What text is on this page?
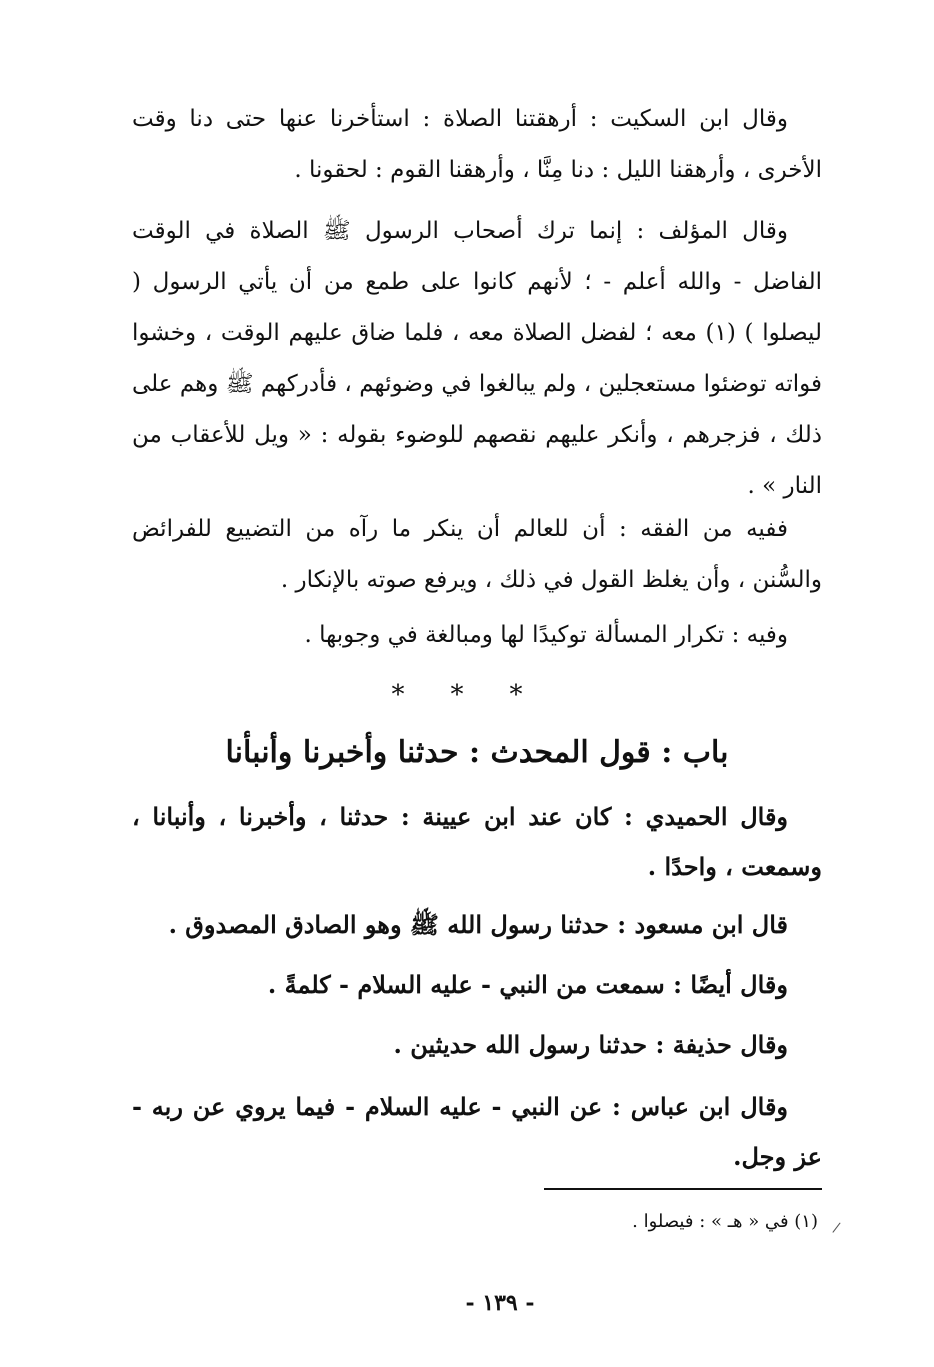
وقال ابن السكيت : أرهقتنا الصلاة : استأخرنا عنها حتى دنا وقت الأخرى ، وأرهقنا الليل : دنا مِنَّا ، وأرهقنا القوم : لحقونا .

وقال المؤلف : إنما ترك أصحاب الرسول ﷺ الصلاة في الوقت الفاضل - والله أعلم - ؛ لأنهم كانوا على طمع من أن يأتي الرسول ( ليصلوا ) (١) معه ؛ لفضل الصلاة معه ، فلما ضاق عليهم الوقت ، وخشوا فواته توضئوا مستعجلين ، ولم يبالغوا في وضوئهم ، فأدركهم ﷺ وهم على ذلك ، فزجرهم ، وأنكر عليهم نقصهم للوضوء بقوله : « ويل للأعقاب من النار » .

ففيه من الفقه : أن للعالم أن ينكر ما رآه من التضييع للفرائض والسُّنن ، وأن يغلظ القول في ذلك ، ويرفع صوته بالإنكار .

وفيه : تكرار المسألة توكيدًا لها ومبالغة في وجوبها .

***
باب : قول المحدث : حدثنا وأخبرنا وأنبأنا

وقال الحميدي : كان عند ابن عيينة : حدثنا ، وأخبرنا ، وأنبانا ، وسمعت ، واحدًا .

قال ابن مسعود : حدثنا رسول الله ﷺ وهو الصادق المصدوق .

وقال أيضًا : سمعت من النبي - عليه السلام - كلمةً .

وقال حذيفة : حدثنا رسول الله حديثين .

وقال ابن عباس : عن النبي - عليه السلام - فيما يروي عن ربه - عز وجل.

(١) في « هـ » : فيصلوا . /
- ١٣٩ -
